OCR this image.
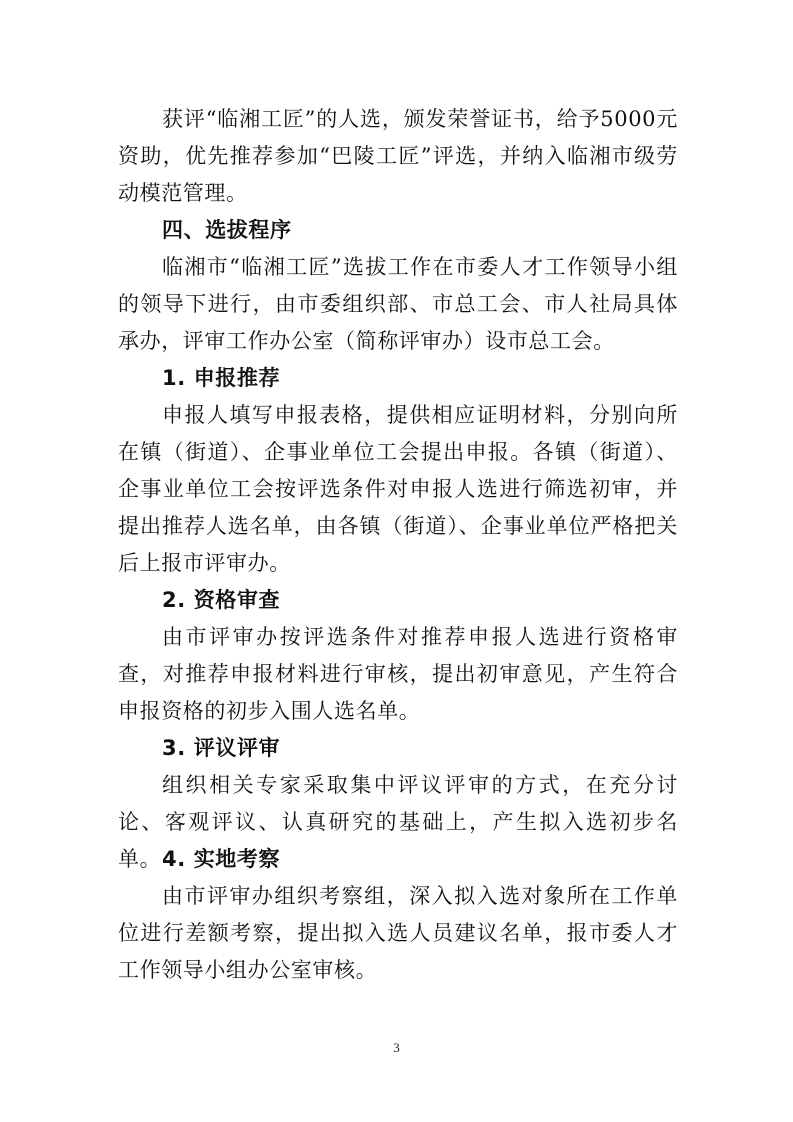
获评“临湘工匠”的人选，颁发荣誉证书，给予5000元资助，优先推荐参加“巴陵工匠”评选，并纳入临湘市级劳动模范管理。

四、选拔程序

临湘市“临湘工匠”选拔工作在市委人才工作领导小组的领导下进行，由市委组织部、市总工会、市人社局具体承办，评审工作办公室（简称评审办）设市总工会。

1. 申报推荐

申报人填写申报表格，提供相应证明材料，分别向所在镇（街道）、企事业单位工会提出申报。各镇（街道）、企事业单位工会按评选条件对申报人选进行筛选初审，并提出推荐人选名单，由各镇（街道）、企事业单位严格把关后上报市评审办。

2. 资格审查

由市评审办按评选条件对推荐申报人选进行资格审查，对推荐申报材料进行审核，提出初审意见，产生符合申报资格的初步入围人选名单。

3. 评议评审

组织相关专家采取集中评议评审的方式，在充分讨论、客观评议、认真研究的基础上，产生拟入选初步名单。 4. 实地考察

由市评审办组织考察组，深入拟入选对象所在工作单位进行差额考察，提出拟入选人员建议名单，报市委人才工作领导小组办公室审核。

3
